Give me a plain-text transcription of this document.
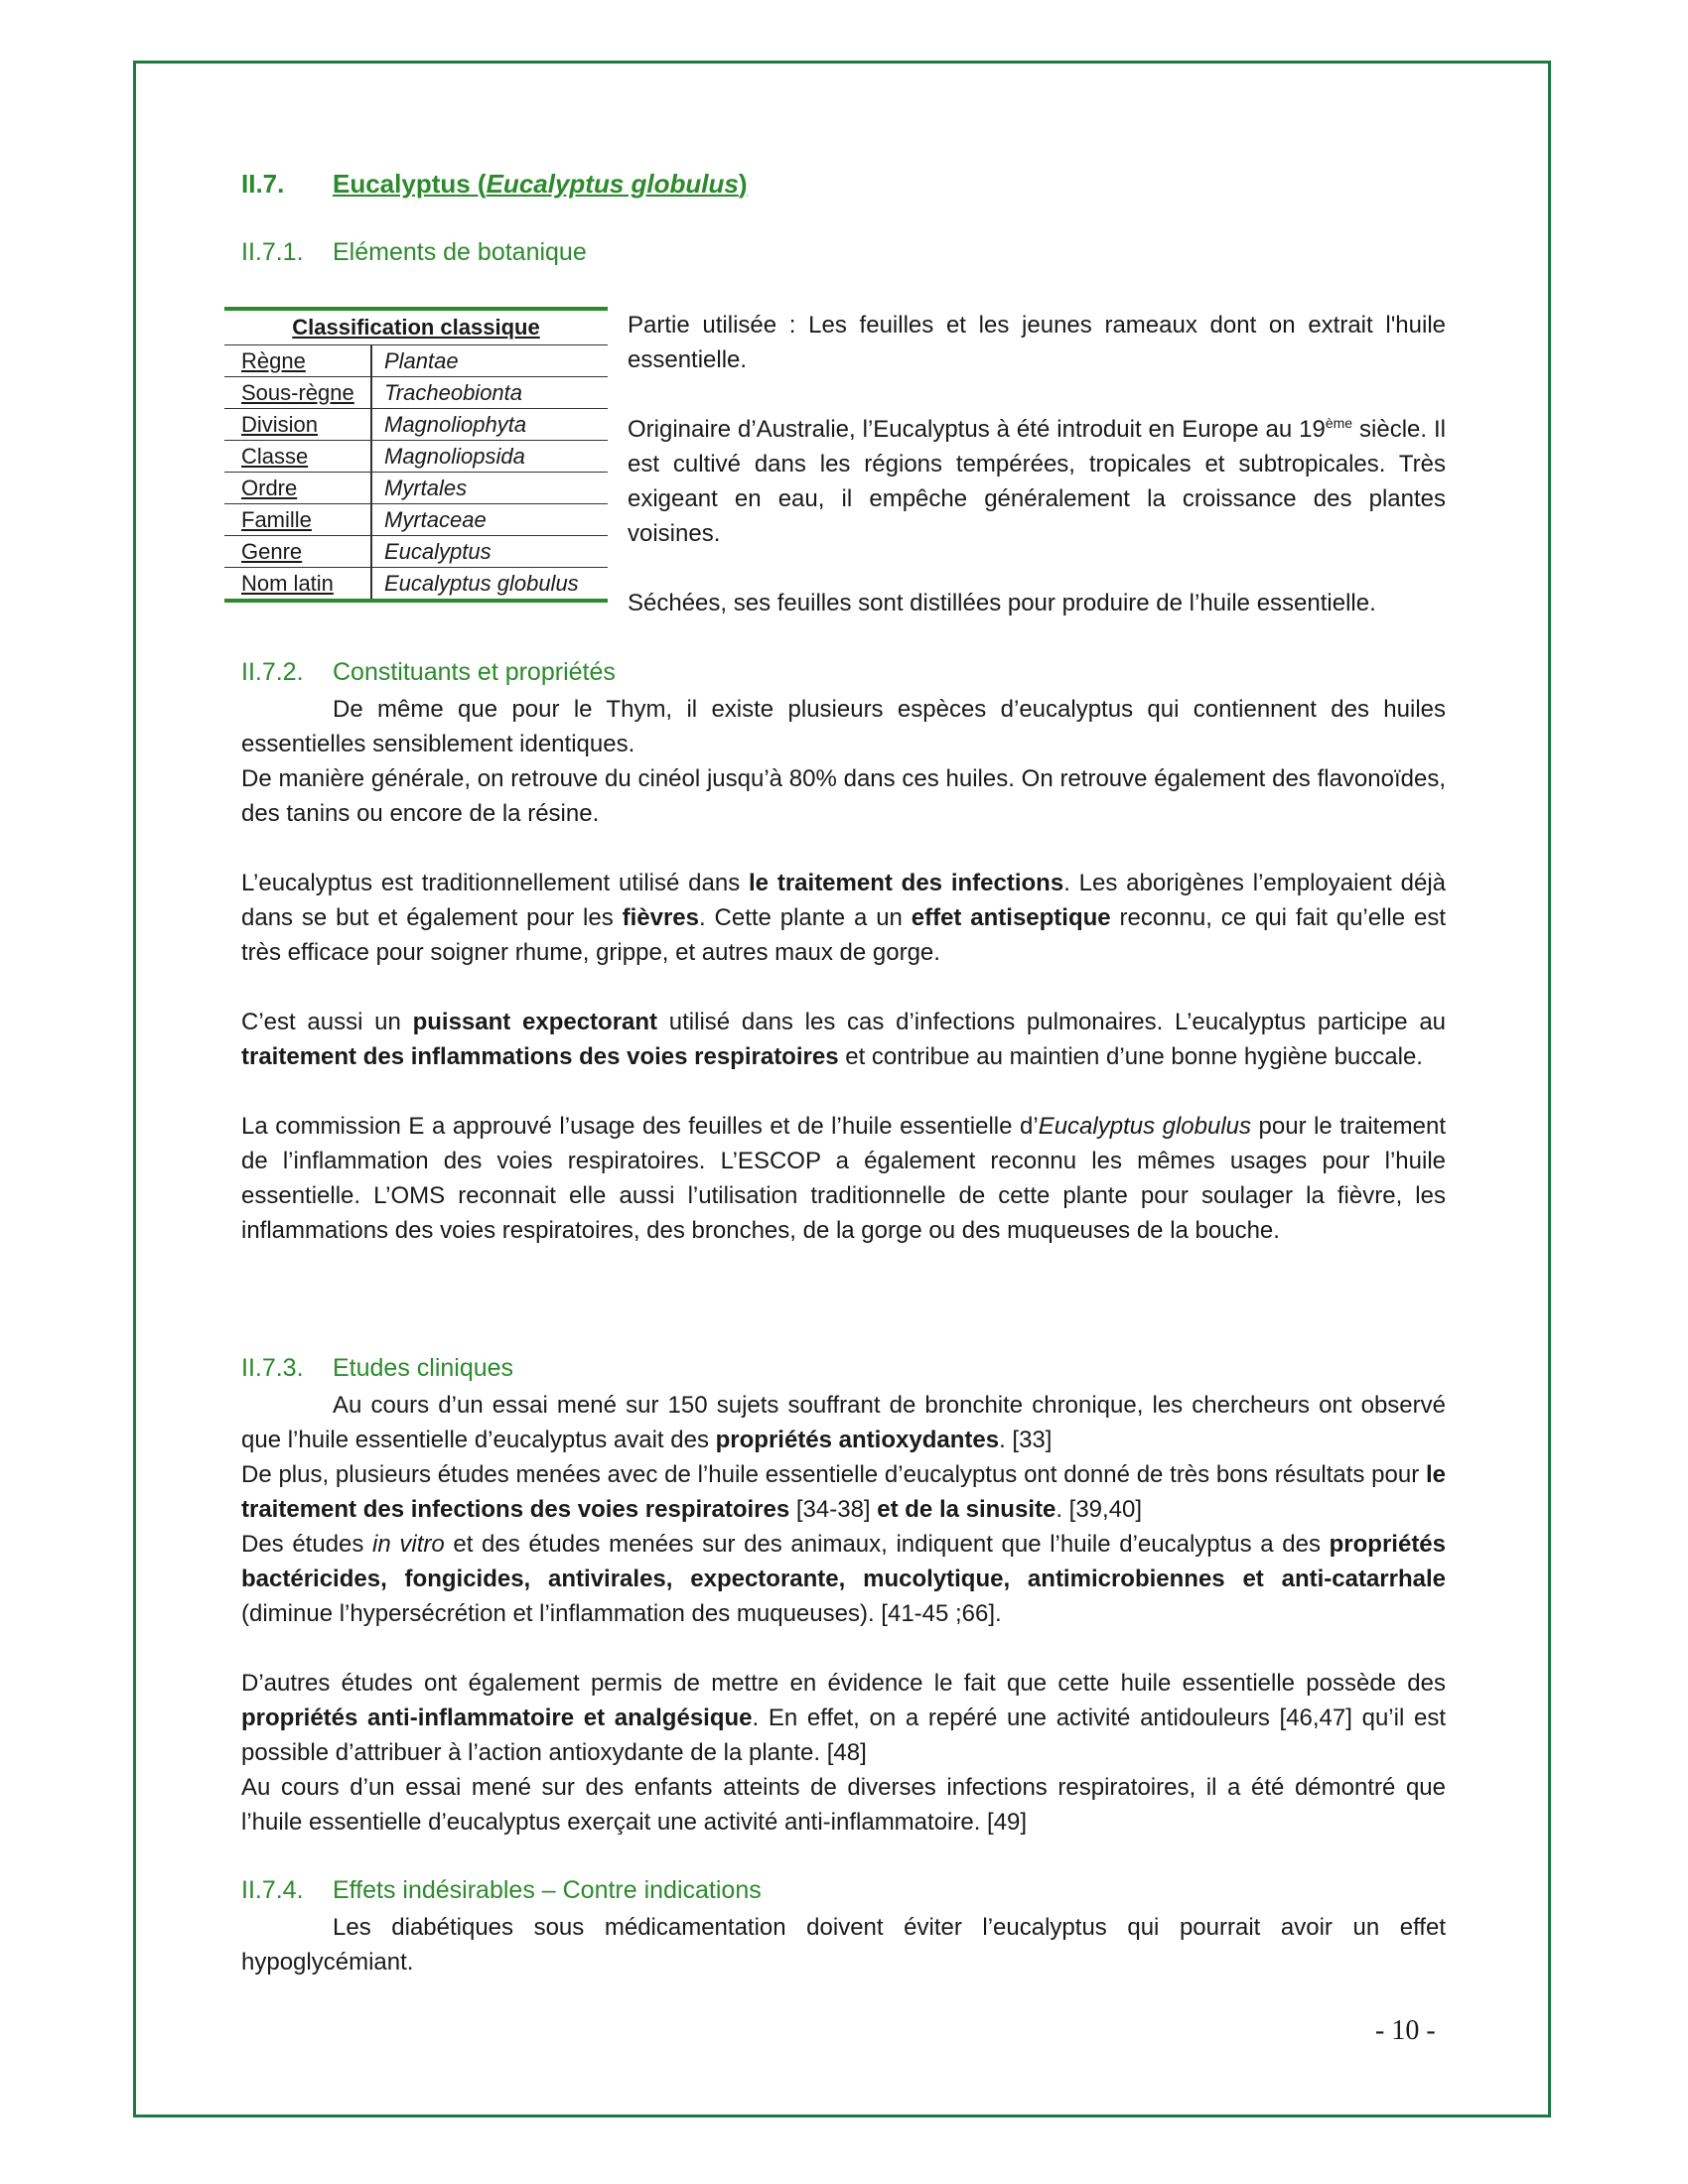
II.7. Eucalyptus (Eucalyptus globulus)
II.7.1. Eléments de botanique
Classification classique	
Règne	Plantae
Sous-règne	Tracheobionta
Division	Magnoliophyta
Classe	Magnoliopsida
Ordre	Myrtales
Famille	Myrtaceae
Genre	Eucalyptus
Nom latin	Eucalyptus globulus

Partie utilisée : Les feuilles et les jeunes rameaux dont on extrait l'huile essentielle.

Originaire d’Australie, l’Eucalyptus à été introduit en Europe au 19ème siècle. Il est cultivé dans les régions tempérées, tropicales et subtropicales. Très exigeant en eau, il empêche généralement la croissance des plantes voisines.

Séchées, ses feuilles sont distillées pour produire de l’huile essentielle.

II.7.2. Constituants et propriétés

De même que pour le Thym, il existe plusieurs espèces d’eucalyptus qui contiennent des huiles essentielles sensiblement identiques.

De manière générale, on retrouve du cinéol jusqu’à 80% dans ces huiles. On retrouve également des flavonoïdes, des tanins ou encore de la résine.

L’eucalyptus est traditionnellement utilisé dans le traitement des infections. Les aborigènes l’employaient déjà dans se but et également pour les fièvres. Cette plante a un effet antiseptique reconnu, ce qui fait qu’elle est très efficace pour soigner rhume, grippe, et autres maux de gorge.

C’est aussi un puissant expectorant utilisé dans les cas d’infections pulmonaires. L’eucalyptus participe au traitement des inflammations des voies respiratoires et contribue au maintien d’une bonne hygiène buccale.

La commission E a approuvé l’usage des feuilles et de l’huile essentielle d’Eucalyptus globulus pour le traitement de l’inflammation des voies respiratoires. L’ESCOP a également reconnu les mêmes usages pour l’huile essentielle. L’OMS reconnait elle aussi l’utilisation traditionnelle de cette plante pour soulager la fièvre, les inflammations des voies respiratoires, des bronches, de la gorge ou des muqueuses de la bouche.

II.7.3. Etudes cliniques

Au cours d’un essai mené sur 150 sujets souffrant de bronchite chronique, les chercheurs ont observé que l’huile essentielle d’eucalyptus avait des propriétés antioxydantes. [33]

De plus, plusieurs études menées avec de l’huile essentielle d’eucalyptus ont donné de très bons résultats pour le traitement des infections des voies respiratoires [34-38] et de la sinusite. [39,40]

Des études in vitro et des études menées sur des animaux, indiquent que l’huile d’eucalyptus a des propriétés bactéricides, fongicides, antivirales, expectorante, mucolytique, antimicrobiennes et anti-catarrhale (diminue l’hypersécrétion et l’inflammation des muqueuses). [41-45 ;66].

D’autres études ont également permis de mettre en évidence le fait que cette huile essentielle possède des propriétés anti-inflammatoire et analgésique. En effet, on a repéré une activité antidouleurs [46,47] qu’il est possible d’attribuer à l’action antioxydante de la plante. [48]

Au cours d’un essai mené sur des enfants atteints de diverses infections respiratoires, il a été démontré que l’huile essentielle d’eucalyptus exerçait une activité anti-inflammatoire. [49]

II.7.4. Effets indésirables – Contre indications

Les diabétiques sous médicamentation doivent éviter l’eucalyptus qui pourrait avoir un effet hypoglycémiant.

- 10 -
